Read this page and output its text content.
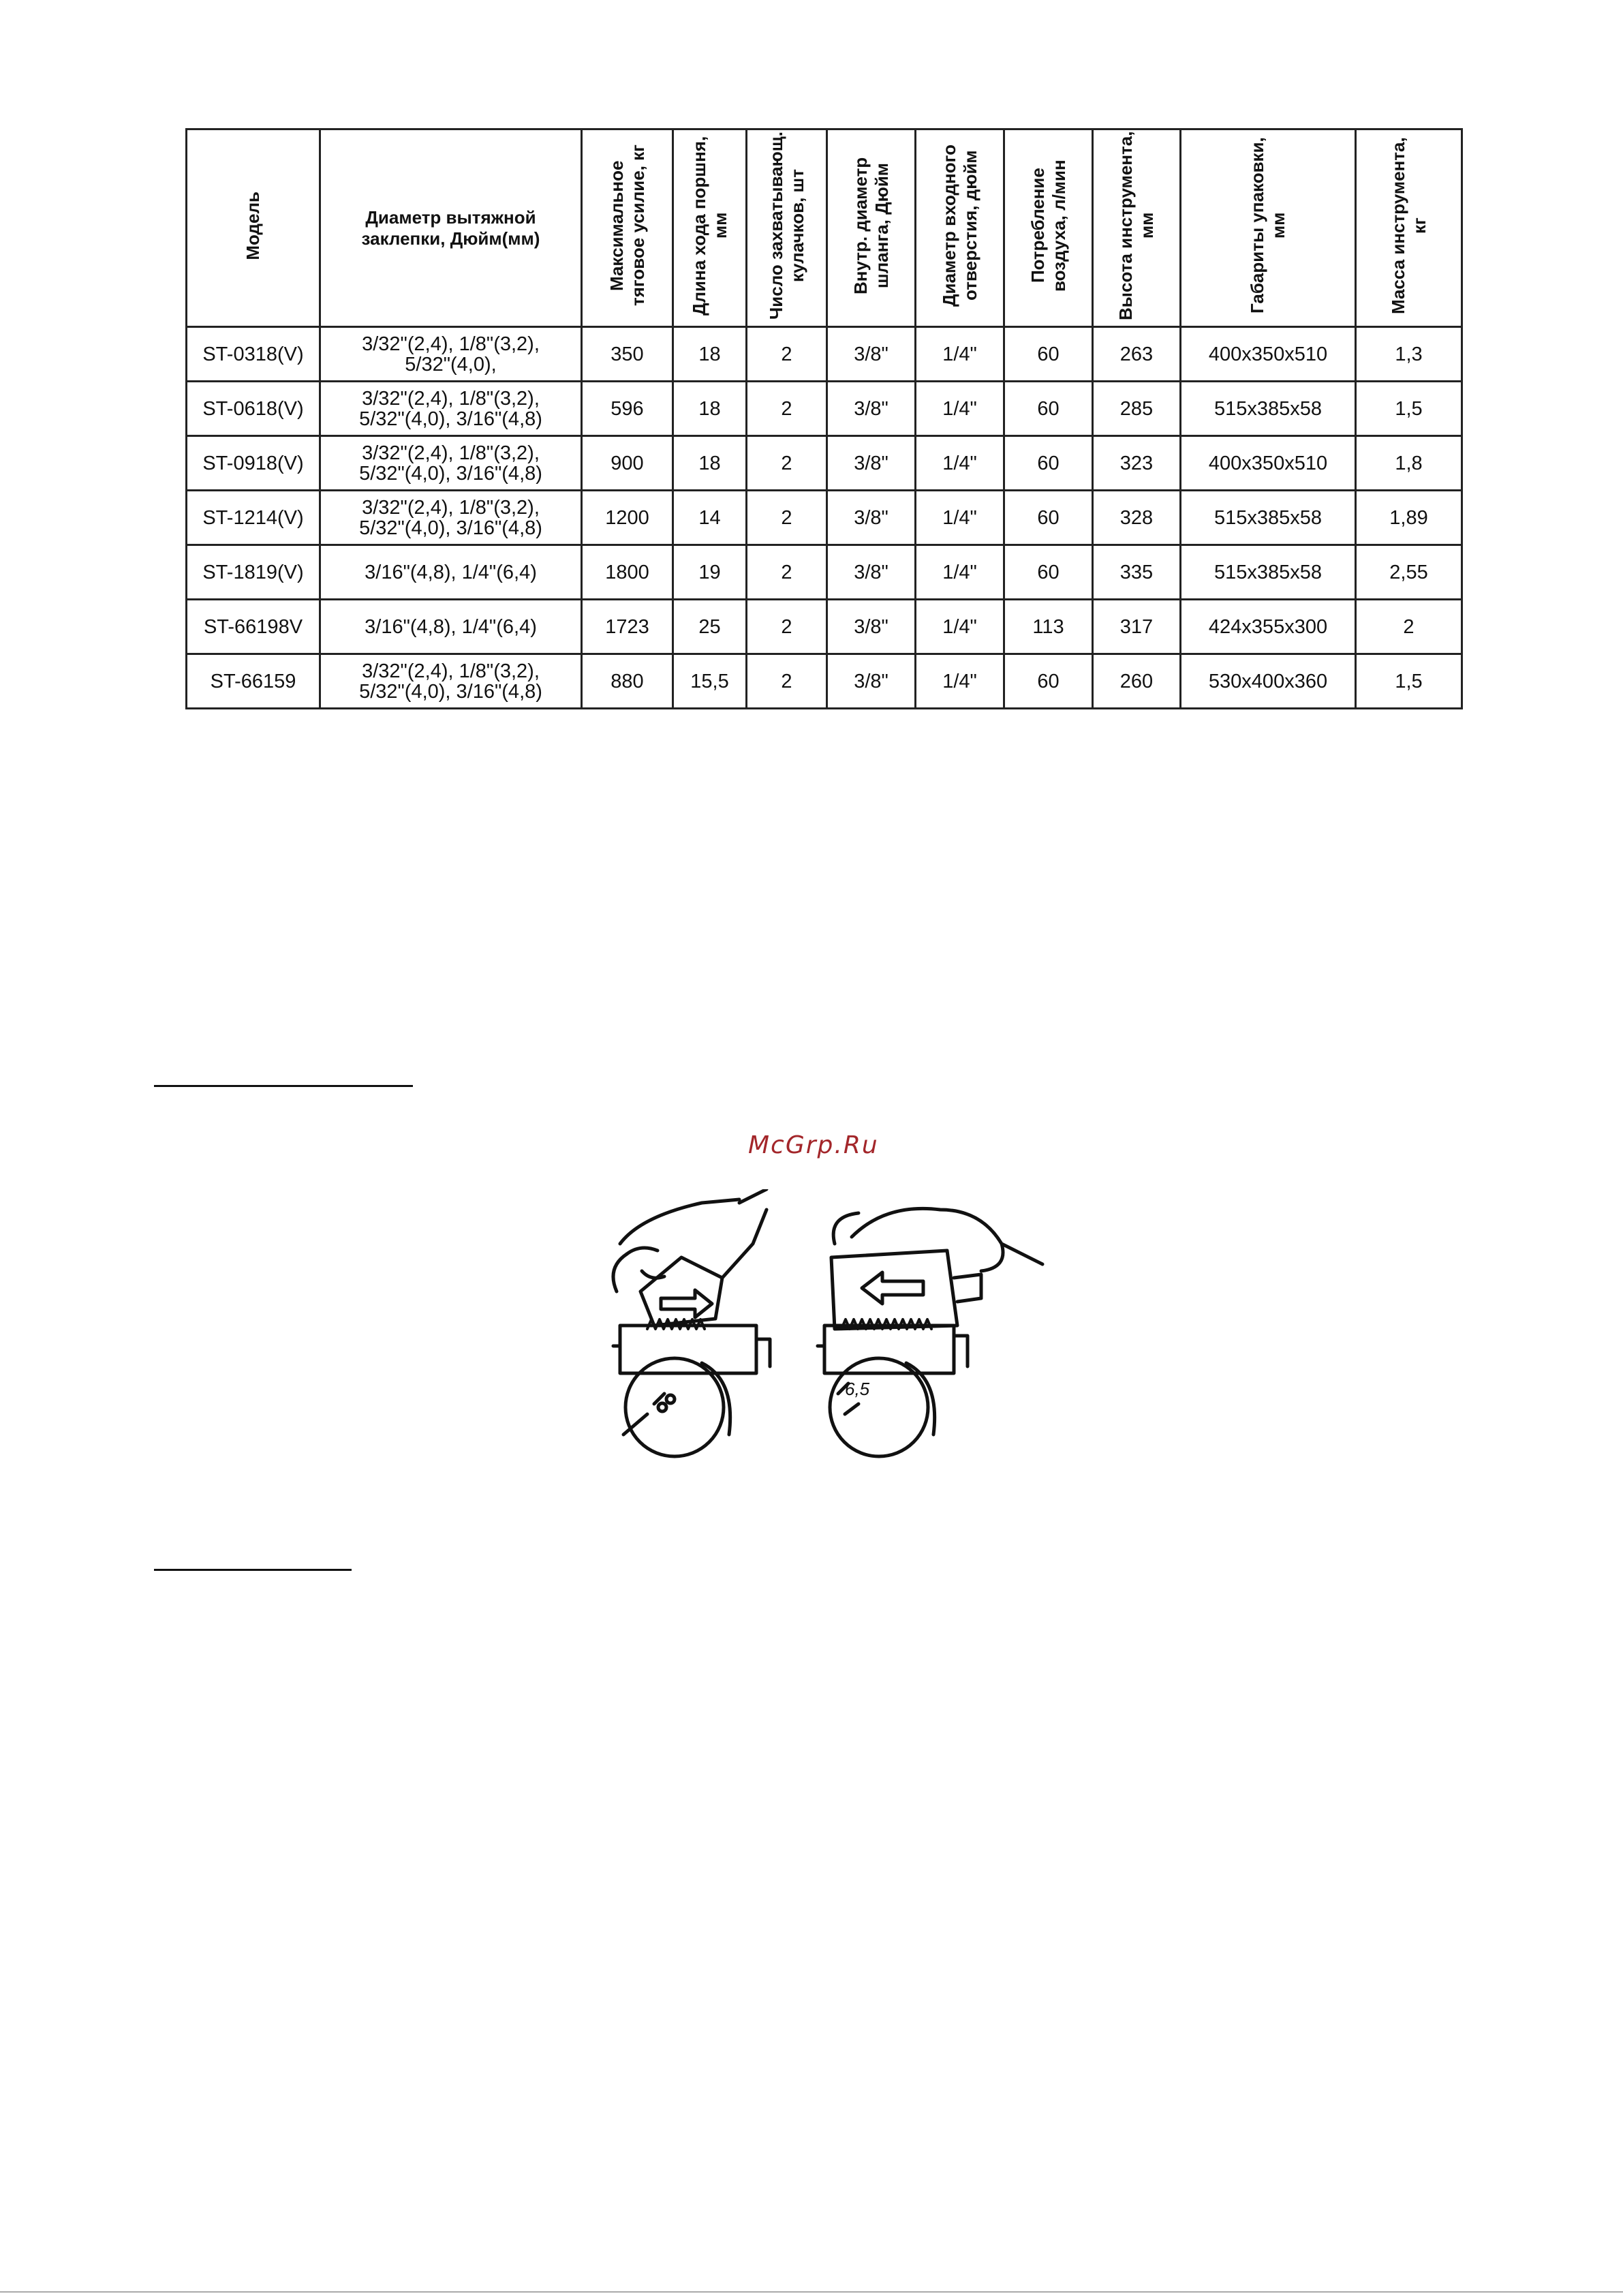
Модель	Диаметр вытяжной заклепки, Дюйм(мм)	Максимальное тяговое усилие, кг	Длина хода поршня, мм	Число захватывающ. кулачков, шт	Внутр. диаметр шланга, Дюйм	Диаметр входного отверстия, дюйм	Потребление воздуха, л/мин	Высота инструмента, мм	Габариты упаковки, мм	Масса инструмента, кг
ST-0318(V)	3/32"(2,4), 1/8"(3,2), 5/32"(4,0),	350	18	2	3/8"	1/4"	60	263	400x350x510	1,3
ST-0618(V)	3/32"(2,4), 1/8"(3,2), 5/32"(4,0), 3/16"(4,8)	596	18	2	3/8"	1/4"	60	285	515x385x58	1,5
ST-0918(V)	3/32"(2,4), 1/8"(3,2), 5/32"(4,0), 3/16"(4,8)	900	18	2	3/8"	1/4"	60	323	400x350x510	1,8
ST-1214(V)	3/32"(2,4), 1/8"(3,2), 5/32"(4,0), 3/16"(4,8)	1200	14	2	3/8"	1/4"	60	328	515x385x58	1,89
ST-1819(V)	3/16"(4,8), 1/4"(6,4)	1800	19	2	3/8"	1/4"	60	335	515x385x58	2,55
ST-66198V	3/16"(4,8), 1/4"(6,4)	1723	25	2	3/8"	1/4"	113	317	424x355x300	2
ST-66159	3/32"(2,4), 1/8"(3,2), 5/32"(4,0), 3/16"(4,8)	880	15,5	2	3/8"	1/4"	60	260	530x400x360	1,5
McGrp.Ru
6,5
